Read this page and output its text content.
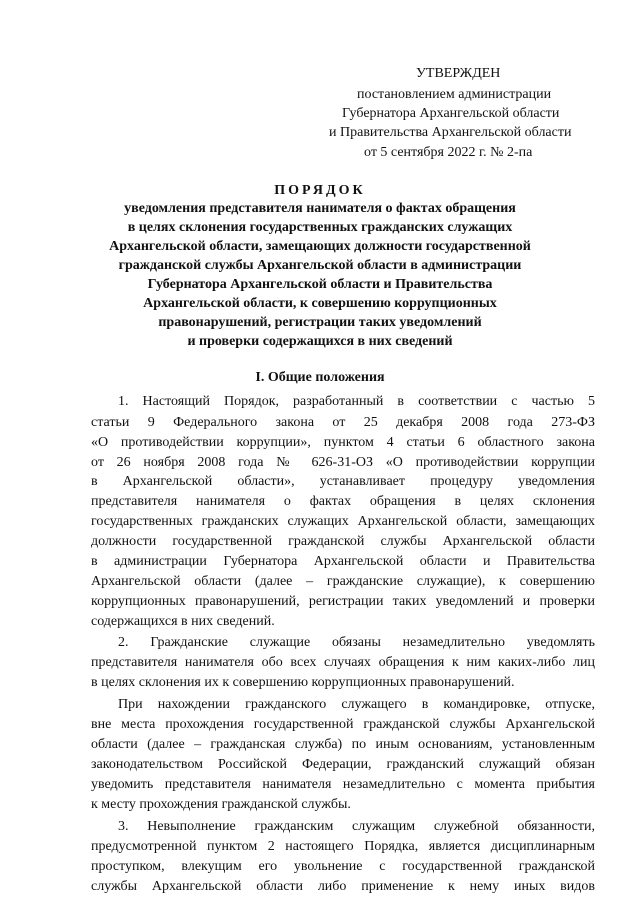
УТВЕРЖДЕН
постановлением администрации
Губернатора Архангельской области
и Правительства Архангельской области
от 5 сентября 2022 г. № 2-па
ПОРЯДОК
уведомления представителя нанимателя о фактах обращения
в целях склонения государственных гражданских служащих
Архангельской области, замещающих должности государственной
гражданской службы Архангельской области в администрации
Губернатора Архангельской области и Правительства
Архангельской области, к совершению коррупционных
правонарушений, регистрации таких уведомлений
и проверки содержащихся в них сведений
I. Общие положения
1. Настоящий Порядок, разработанный в соответствии с частью 5
статьи 9 Федерального закона от 25 декабря 2008 года 273-ФЗ
«О противодействии коррупции», пунктом 4 статьи 6 областного закона
от 26 ноября 2008 года № 626-31-ОЗ «О противодействии коррупции
в Архангельской области», устанавливает процедуру уведомления
представителя нанимателя о фактах обращения в целях склонения
государственных гражданских служащих Архангельской области, замещающих
должности государственной гражданской службы Архангельской области
в администрации Губернатора Архангельской области и Правительства
Архангельской области (далее – гражданские служащие), к совершению
коррупционных правонарушений, регистрации таких уведомлений и проверки
содержащихся в них сведений.
2. Гражданские служащие обязаны незамедлительно уведомлять
представителя нанимателя обо всех случаях обращения к ним каких-либо лиц
в целях склонения их к совершению коррупционных правонарушений.
При нахождении гражданского служащего в командировке, отпуске,
вне места прохождения государственной гражданской службы Архангельской
области (далее – гражданская служба) по иным основаниям, установленным
законодательством Российской Федерации, гражданский служащий обязан
уведомить представителя нанимателя незамедлительно с момента прибытия
к месту прохождения гражданской службы.
3. Невыполнение гражданским служащим служебной обязанности,
предусмотренной пунктом 2 настоящего Порядка, является дисциплинарным
проступком, влекущим его увольнение с государственной гражданской
службы Архангельской области либо применение к нему иных видов
